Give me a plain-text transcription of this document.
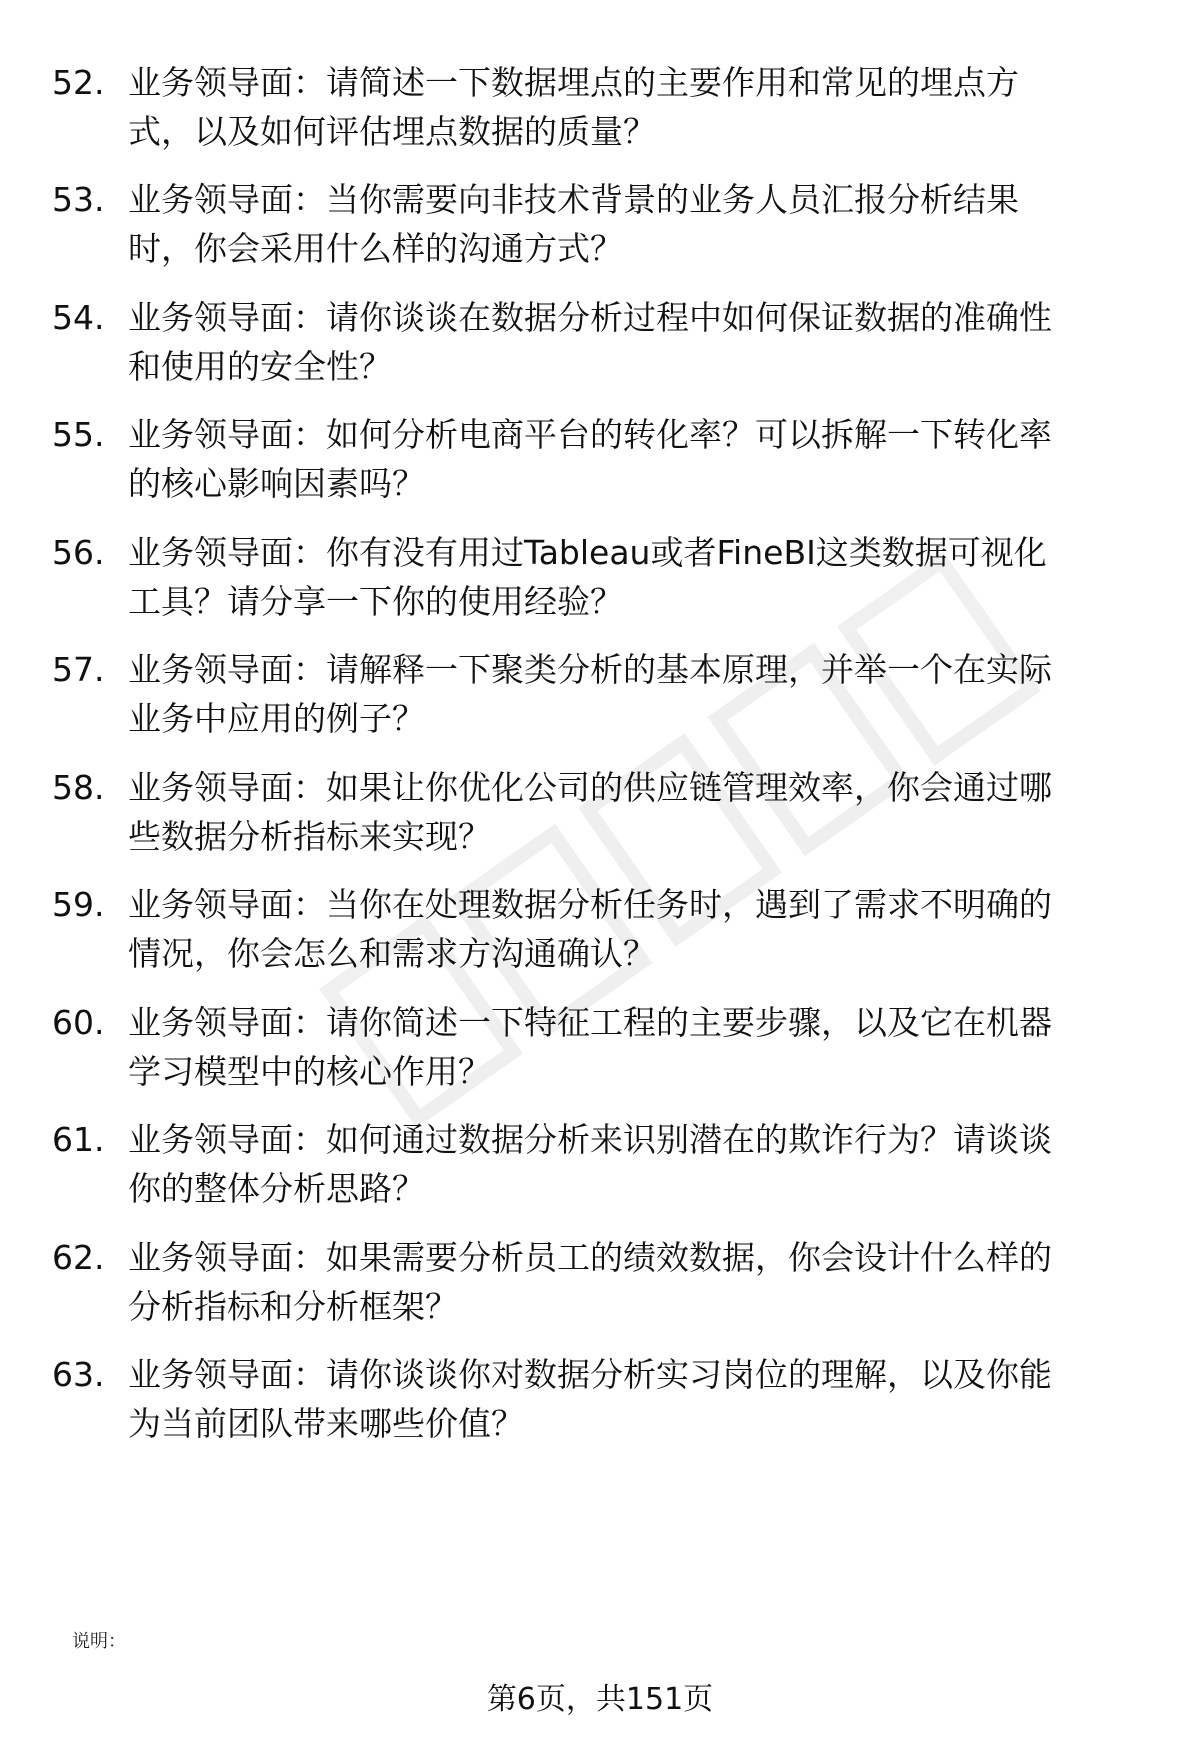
52. 业务领导面：请简述一下数据埋点的主要作用和常见的埋点方
式，以及如何评估埋点数据的质量？
53. 业务领导面：当你需要向非技术背景的业务人员汇报分析结果
时，你会采用什么样的沟通方式？
54. 业务领导面：请你谈谈在数据分析过程中如何保证数据的准确性
和使用的安全性？
55. 业务领导面：如何分析电商平台的转化率？可以拆解一下转化率
的核心影响因素吗？
56. 业务领导面：你有没有用过Tableau或者FineBI这类数据可视化
工具？请分享一下你的使用经验？
57. 业务领导面：请解释一下聚类分析的基本原理，并举一个在实际
业务中应用的例子？
58. 业务领导面：如果让你优化公司的供应链管理效率，你会通过哪
些数据分析指标来实现？
59. 业务领导面：当你在处理数据分析任务时，遇到了需求不明确的
情况，你会怎么和需求方沟通确认？
60. 业务领导面：请你简述一下特征工程的主要步骤，以及它在机器
学习模型中的核心作用？
61. 业务领导面：如何通过数据分析来识别潜在的欺诈行为？请谈谈
你的整体分析思路？
62. 业务领导面：如果需要分析员工的绩效数据，你会设计什么样的
分析指标和分析框架？
63. 业务领导面：请你谈谈你对数据分析实习岗位的理解，以及你能
为当前团队带来哪些价值？
说明：
第6页，共151页
